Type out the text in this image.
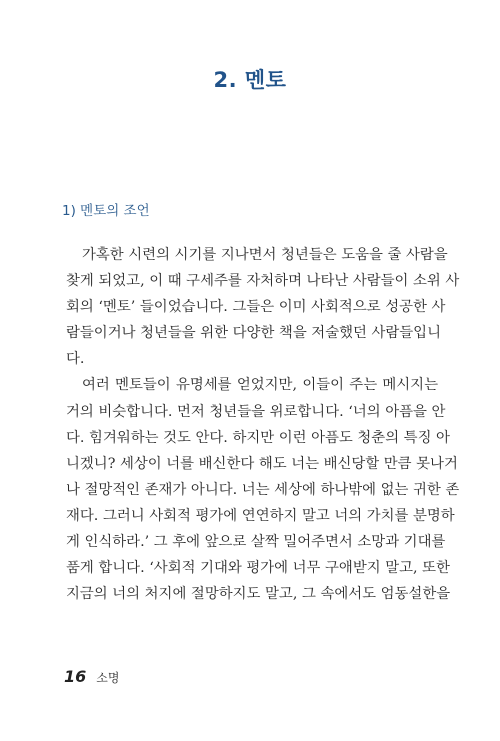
2. 멘토
1) 멘토의 조언
가혹한 시련의 시기를 지나면서 청년들은 도움을 줄 사람을
찾게 되었고, 이 때 구세주를 자처하며 나타난 사람들이 소위 사
회의 ‘멘토’ 들이었습니다. 그들은 이미 사회적으로 성공한 사
람들이거나 청년들을 위한 다양한 책을 저술했던 사람들입니
다.
여러 멘토들이 유명세를 얻었지만, 이들이 주는 메시지는
거의 비슷합니다. 먼저 청년들을 위로합니다. ‘너의 아픔을 안
다. 힘겨워하는 것도 안다. 하지만 이런 아픔도 청춘의 특징 아
니겠니? 세상이 너를 배신한다 해도 너는 배신당할 만큼 못나거
나 절망적인 존재가 아니다. 너는 세상에 하나밖에 없는 귀한 존
재다. 그러니 사회적 평가에 연연하지 말고 너의 가치를 분명하
게 인식하라.’ 그 후에 앞으로 살짝 밀어주면서 소망과 기대를
품게 합니다. ‘사회적 기대와 평가에 너무 구애받지 말고, 또한
지금의 너의 처지에 절망하지도 말고, 그 속에서도 엄동설한을
16 소명
